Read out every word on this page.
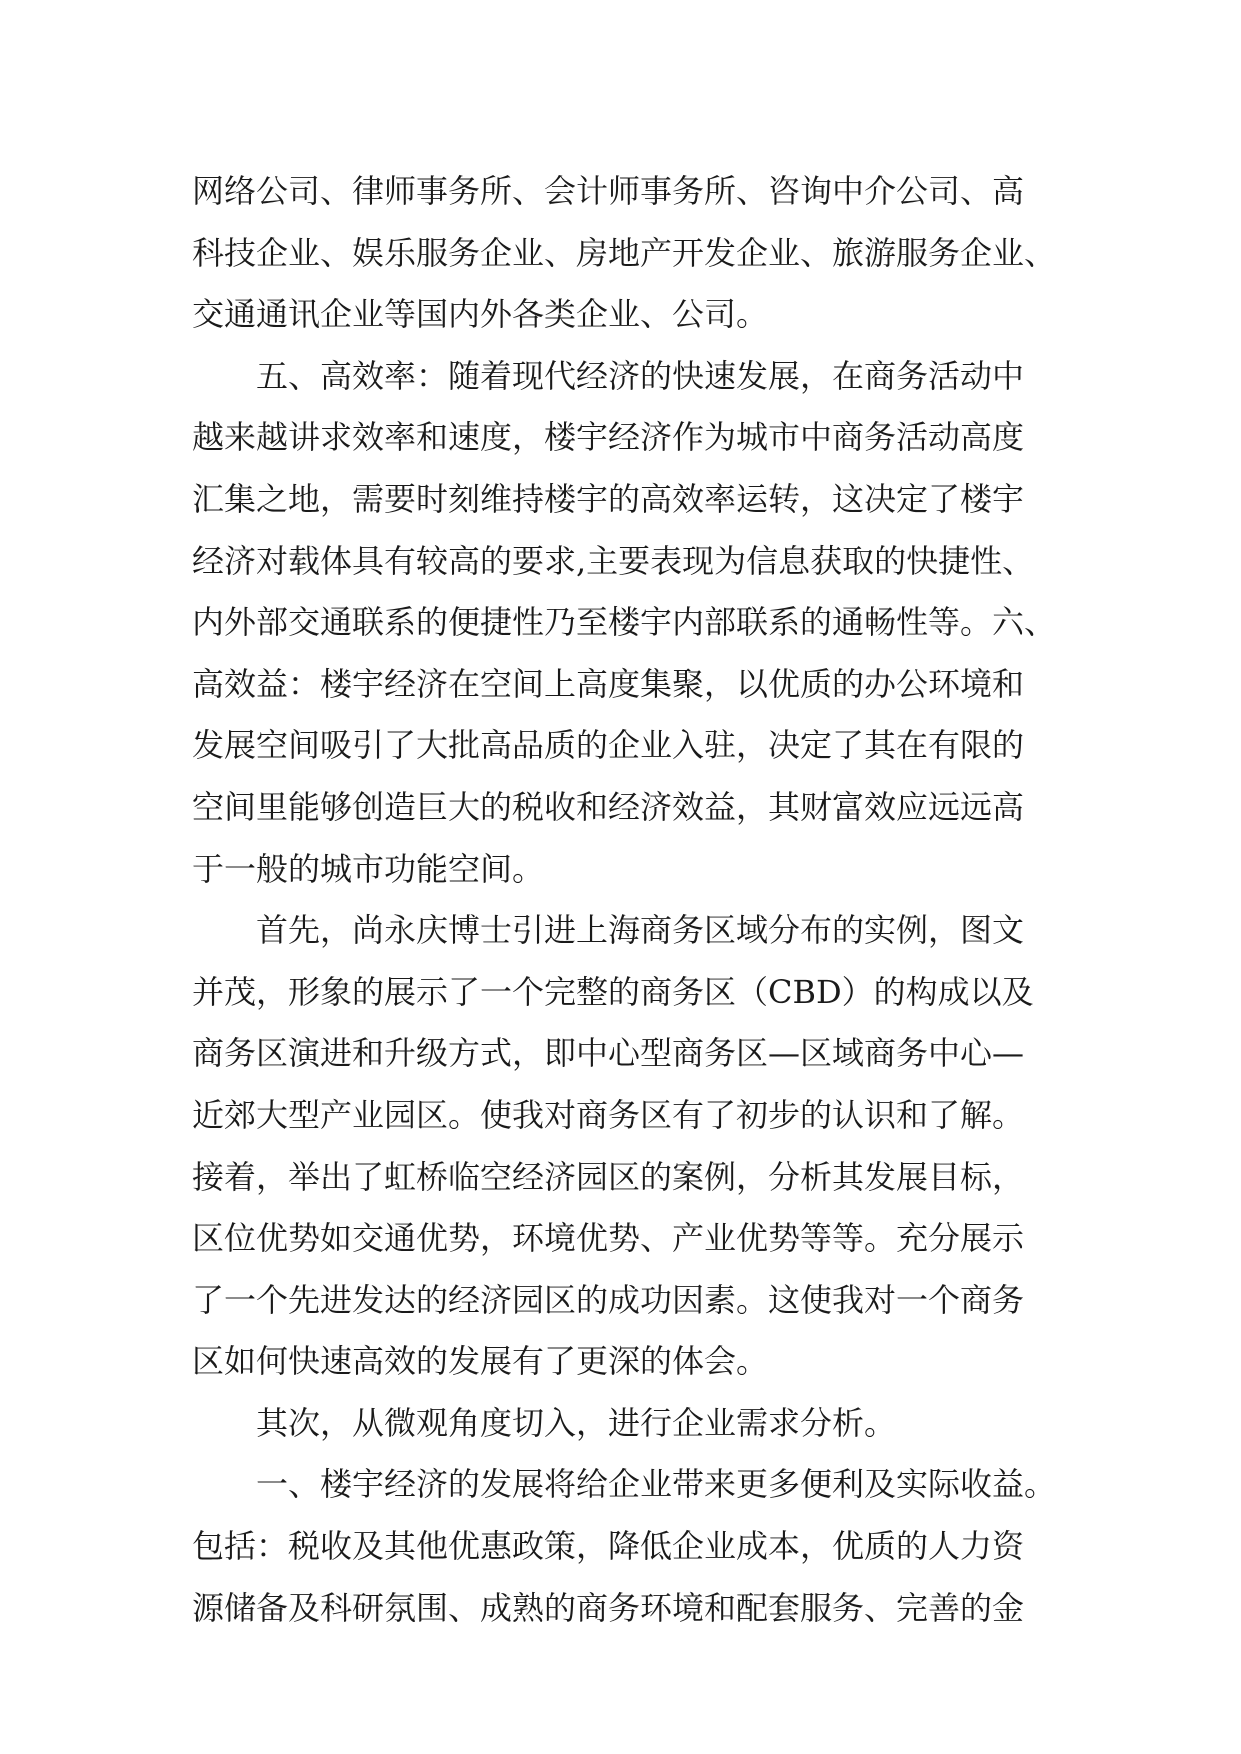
网络公司、律师事务所、会计师事务所、咨询中介公司、高
科技企业、娱乐服务企业、房地产开发企业、旅游服务企业、
交通通讯企业等国内外各类企业、公司。
五、高效率：随着现代经济的快速发展，在商务活动中
越来越讲求效率和速度，楼宇经济作为城市中商务活动高度
汇集之地，需要时刻维持楼宇的高效率运转，这决定了楼宇
经济对载体具有较高的要求,主要表现为信息获取的快捷性、
内外部交通联系的便捷性乃至楼宇内部联系的通畅性等。六、
高效益：楼宇经济在空间上高度集聚，以优质的办公环境和
发展空间吸引了大批高品质的企业入驻，决定了其在有限的
空间里能够创造巨大的税收和经济效益，其财富效应远远高
于一般的城市功能空间。
首先，尚永庆博士引进上海商务区域分布的实例，图文
并茂，形象的展示了一个完整的商务区（CBD）的构成以及
商务区演进和升级方式，即中心型商务区—区域商务中心—
近郊大型产业园区。使我对商务区有了初步的认识和了解。
接着，举出了虹桥临空经济园区的案例，分析其发展目标，
区位优势如交通优势，环境优势、产业优势等等。充分展示
了一个先进发达的经济园区的成功因素。这使我对一个商务
区如何快速高效的发展有了更深的体会。
其次，从微观角度切入，进行企业需求分析。
一、楼宇经济的发展将给企业带来更多便利及实际收益。
包括：税收及其他优惠政策，降低企业成本，优质的人力资
源储备及科研氛围、成熟的商务环境和配套服务、完善的金
